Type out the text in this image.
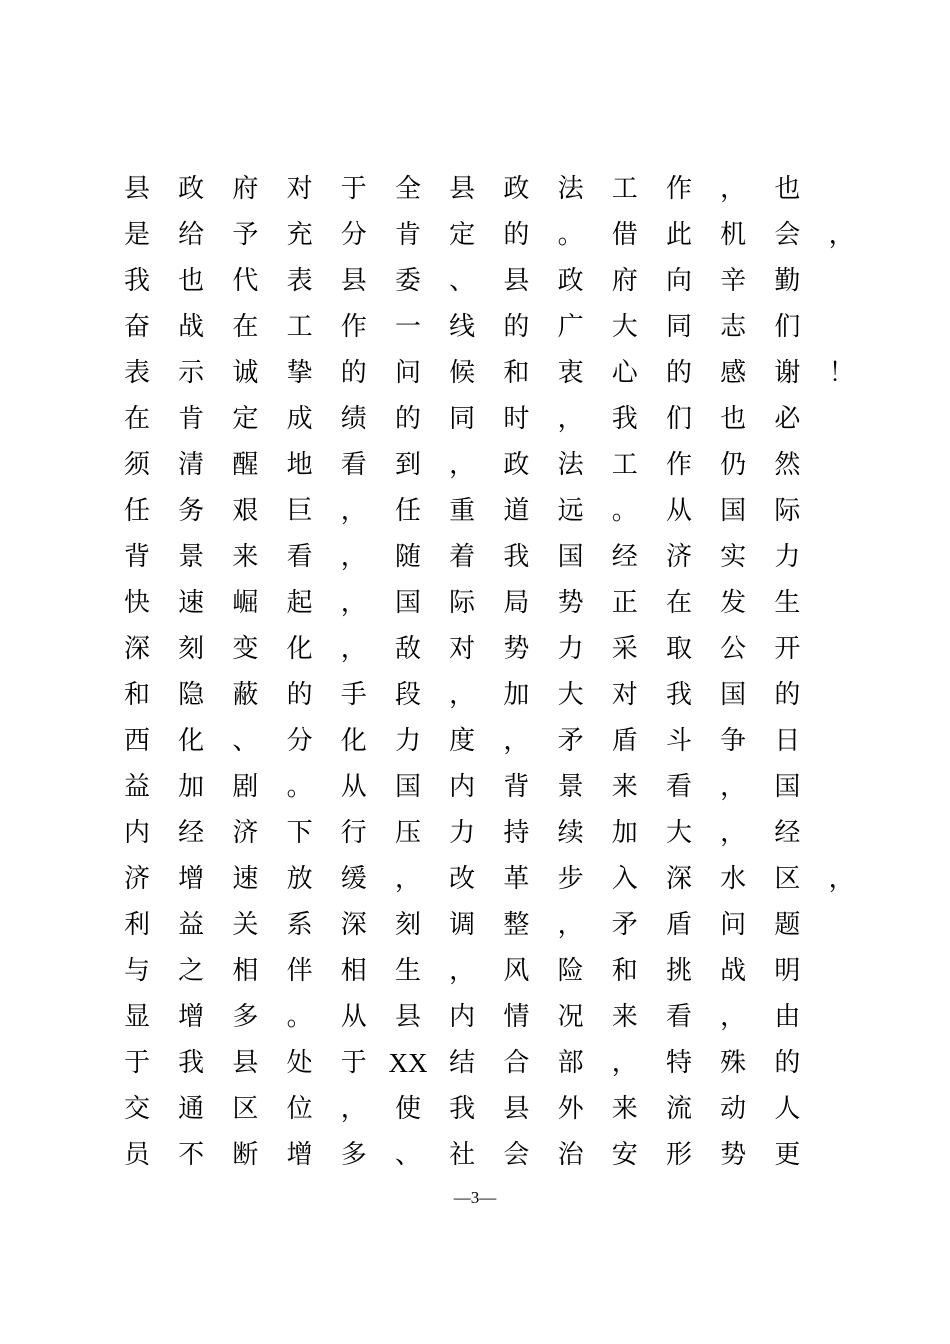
县 政 府 对 于 全 县 政 法 工 作 ， 也
是 给 予 充 分 肯 定 的 。 借 此 机 会 ，
我 也 代 表 县 委 、 县 政 府 向 辛 勤
奋 战 在 工 作 一 线 的 广 大 同 志 们
表 示 诚 挚 的 问 候 和 衷 心 的 感 谢 ！
在 肯 定 成 绩 的 同 时 ， 我 们 也 必
须 清 醒 地 看 到 ， 政 法 工 作 仍 然
任 务 艰 巨 ， 任 重 道 远 。 从 国 际
背 景 来 看 ， 随 着 我 国 经 济 实 力
快 速 崛 起 ， 国 际 局 势 正 在 发 生
深 刻 变 化 ， 敌 对 势 力 采 取 公 开
和 隐 蔽 的 手 段 ， 加 大 对 我 国 的
西 化 、 分 化 力 度 ， 矛 盾 斗 争 日
益 加 剧 。 从 国 内 背 景 来 看 ， 国
内 经 济 下 行 压 力 持 续 加 大 ， 经
济 增 速 放 缓 ， 改 革 步 入 深 水 区 ，
利 益 关 系 深 刻 调 整 ， 矛 盾 问 题
与 之 相 伴 相 生 ， 风 险 和 挑 战 明
显 增 多 。 从 县 内 情 况 来 看 ， 由
于 我 县 处 于 XX 结 合 部 ， 特 殊 的
交 通 区 位 ， 使 我 县 外 来 流 动 人
员 不 断 增 多 、 社 会 治 安 形 势 更
—3—
